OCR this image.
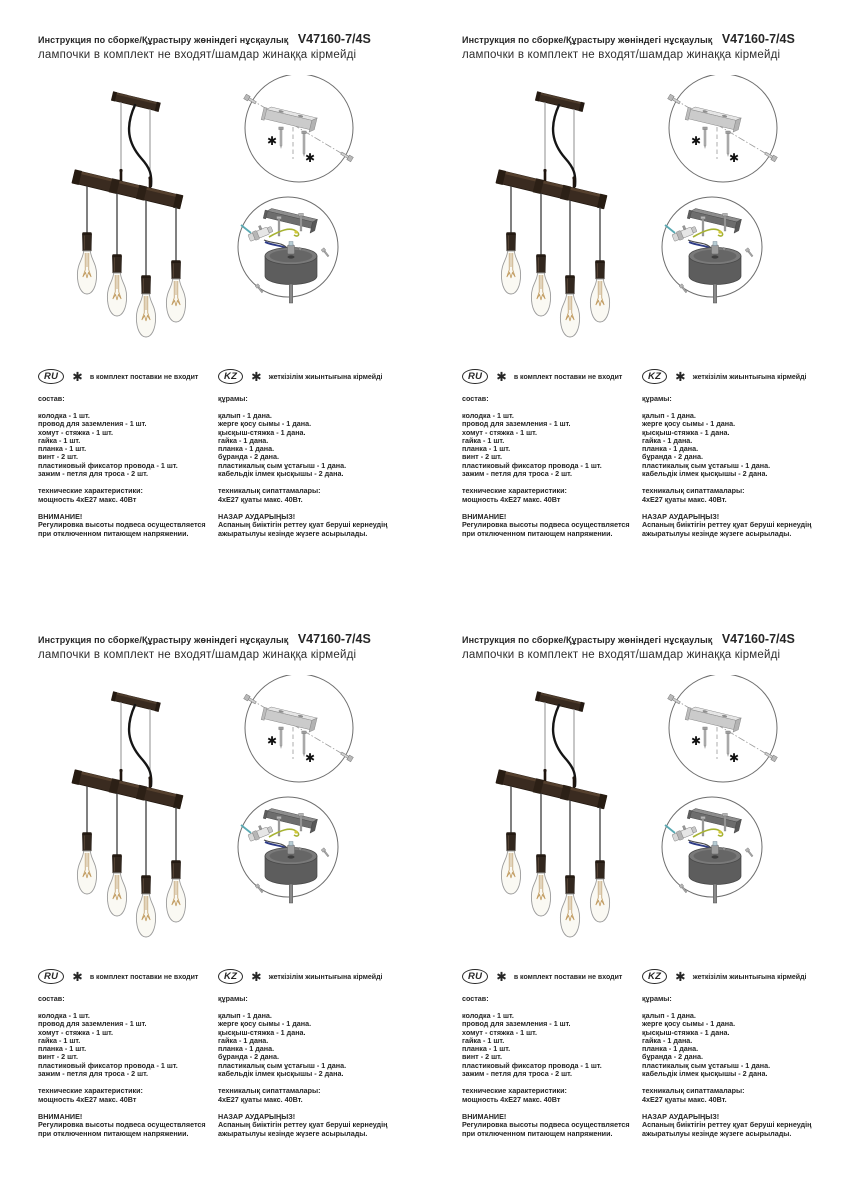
Инструкция по сборке/Құрастыру жөніндегі нұсқаулық V47160-7/4S
лампочки в комплект не входят/шамдар жинаққа кірмейді
✱
✱
RU	✱ в комплект поставки не входит
состав:
колодка - 1 шт.
провод для заземления - 1 шт.
хомут - стяжка - 1 шт.
гайка - 1 шт.
планка - 1 шт.
винт - 2 шт.
пластиковый фиксатор провода - 1 шт.
зажим - петля для троса - 2 шт.
технические характеристики:
мощность 4хЕ27 макс. 40Вт
ВНИМАНИЕ!
Регулировка высоты подвеса осуществляется при отключенном питающем напряжении.
KZ	✱ жеткізілім жиынтығына кірмейді
құрамы:
қалып - 1 дана.
жерге қосу сымы - 1 дана.
қысқыш-стяжка - 1 дана.
гайка - 1 дана.
планка - 1 дана.
бұранда - 2 дана.
пластикалық сым ұстағыш - 1 дана.
кабельдік ілмек қысқышы - 2 дана.
техникалық сипаттамалары:
4хЕ27 қуаты макс. 40Вт.
НАЗАР АУДАРЫҢЫЗ!
Аспаның биіктігін реттеу қуат беруші кернеудің ажыратылуы кезінде жүзеге асырылады.
Инструкция по сборке/Құрастыру жөніндегі нұсқаулық V47160-7/4S
лампочки в комплект не входят/шамдар жинаққа кірмейді
✱
✱
RU	✱ в комплект поставки не входит
состав:
колодка - 1 шт.
провод для заземления - 1 шт.
хомут - стяжка - 1 шт.
гайка - 1 шт.
планка - 1 шт.
винт - 2 шт.
пластиковый фиксатор провода - 1 шт.
зажим - петля для троса - 2 шт.
технические характеристики:
мощность 4хЕ27 макс. 40Вт
ВНИМАНИЕ!
Регулировка высоты подвеса осуществляется при отключенном питающем напряжении.
KZ	✱ жеткізілім жиынтығына кірмейді
құрамы:
қалып - 1 дана.
жерге қосу сымы - 1 дана.
қысқыш-стяжка - 1 дана.
гайка - 1 дана.
планка - 1 дана.
бұранда - 2 дана.
пластикалық сым ұстағыш - 1 дана.
кабельдік ілмек қысқышы - 2 дана.
техникалық сипаттамалары:
4хЕ27 қуаты макс. 40Вт.
НАЗАР АУДАРЫҢЫЗ!
Аспаның биіктігін реттеу қуат беруші кернеудің ажыратылуы кезінде жүзеге асырылады.
Инструкция по сборке/Құрастыру жөніндегі нұсқаулық V47160-7/4S
лампочки в комплект не входят/шамдар жинаққа кірмейді
✱
✱
RU	✱ в комплект поставки не входит
состав:
колодка - 1 шт.
провод для заземления - 1 шт.
хомут - стяжка - 1 шт.
гайка - 1 шт.
планка - 1 шт.
винт - 2 шт.
пластиковый фиксатор провода - 1 шт.
зажим - петля для троса - 2 шт.
технические характеристики:
мощность 4хЕ27 макс. 40Вт
ВНИМАНИЕ!
Регулировка высоты подвеса осуществляется при отключенном питающем напряжении.
KZ	✱ жеткізілім жиынтығына кірмейді
құрамы:
қалып - 1 дана.
жерге қосу сымы - 1 дана.
қысқыш-стяжка - 1 дана.
гайка - 1 дана.
планка - 1 дана.
бұранда - 2 дана.
пластикалық сым ұстағыш - 1 дана.
кабельдік ілмек қысқышы - 2 дана.
техникалық сипаттамалары:
4хЕ27 қуаты макс. 40Вт.
НАЗАР АУДАРЫҢЫЗ!
Аспаның биіктігін реттеу қуат беруші кернеудің ажыратылуы кезінде жүзеге асырылады.
Инструкция по сборке/Құрастыру жөніндегі нұсқаулық V47160-7/4S
лампочки в комплект не входят/шамдар жинаққа кірмейді
✱
✱
RU	✱ в комплект поставки не входит
состав:
колодка - 1 шт.
провод для заземления - 1 шт.
хомут - стяжка - 1 шт.
гайка - 1 шт.
планка - 1 шт.
винт - 2 шт.
пластиковый фиксатор провода - 1 шт.
зажим - петля для троса - 2 шт.
технические характеристики:
мощность 4хЕ27 макс. 40Вт
ВНИМАНИЕ!
Регулировка высоты подвеса осуществляется при отключенном питающем напряжении.
KZ	✱ жеткізілім жиынтығына кірмейді
құрамы:
қалып - 1 дана.
жерге қосу сымы - 1 дана.
қысқыш-стяжка - 1 дана.
гайка - 1 дана.
планка - 1 дана.
бұранда - 2 дана.
пластикалық сым ұстағыш - 1 дана.
кабельдік ілмек қысқышы - 2 дана.
техникалық сипаттамалары:
4хЕ27 қуаты макс. 40Вт.
НАЗАР АУДАРЫҢЫЗ!
Аспаның биіктігін реттеу қуат беруші кернеудің ажыратылуы кезінде жүзеге асырылады.
